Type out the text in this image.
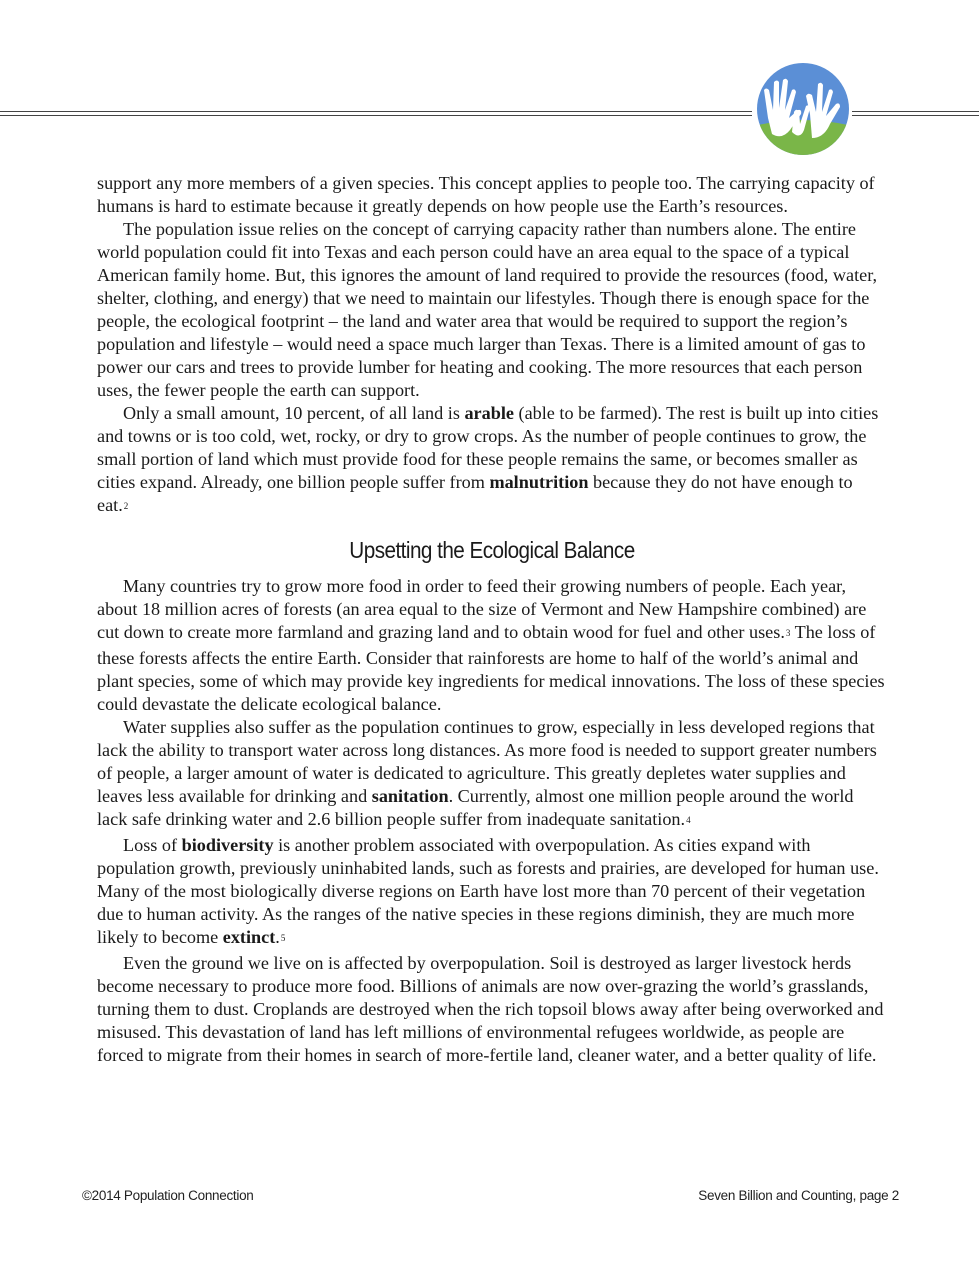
support any more members of a given species. This concept applies to people too. The carrying capacity of humans is hard to estimate because it greatly depends on how people use the Earth’s resources.

The population issue relies on the concept of carrying capacity rather than numbers alone. The entire world population could fit into Texas and each person could have an area equal to the space of a typical American family home. But, this ignores the amount of land required to provide the resources (food, water, shelter, clothing, and energy) that we need to maintain our lifestyles. Though there is enough space for the people, the ecological footprint – the land and water area that would be required to support the region’s population and lifestyle – would need a space much larger than Texas. There is a limited amount of gas to power our cars and trees to provide lumber for heating and cooking. The more resources that each person uses, the fewer people the earth can support.

Only a small amount, 10 percent, of all land is arable (able to be farmed). The rest is built up into cities and towns or is too cold, wet, rocky, or dry to grow crops. As the number of people continues to grow, the small portion of land which must provide food for these people remains the same, or becomes smaller as cities expand. Already, one billion people suffer from malnutrition because they do not have enough to eat.$^2$

Upsetting the Ecological Balance

Many countries try to grow more food in order to feed their growing numbers of people. Each year, about 18 million acres of forests (an area equal to the size of Vermont and New Hampshire combined) are cut down to create more farmland and grazing land and to obtain wood for fuel and other uses.$^3$ The loss of these forests affects the entire Earth. Consider that rainforests are home to half of the world’s animal and plant species, some of which may provide key ingredients for medical innovations. The loss of these species could devastate the delicate ecological balance.

Water supplies also suffer as the population continues to grow, especially in less developed regions that lack the ability to transport water across long distances. As more food is needed to support greater numbers of people, a larger amount of water is dedicated to agriculture. This greatly depletes water supplies and leaves less available for drinking and sanitation. Currently, almost one million people around the world lack safe drinking water and 2.6 billion people suffer from inadequate sanitation.$^4$

Loss of biodiversity is another problem associated with overpopulation. As cities expand with population growth, previously uninhabited lands, such as forests and prairies, are developed for human use. Many of the most biologically diverse regions on Earth have lost more than 70 percent of their vegetation due to human activity. As the ranges of the native species in these regions diminish, they are much more likely to become extinct.$^5$

Even the ground we live on is affected by overpopulation. Soil is destroyed as larger livestock herds become necessary to produce more food. Billions of animals are now over-grazing the world’s grasslands, turning them to dust. Croplands are destroyed when the rich topsoil blows away after being overworked and misused. This devastation of land has left millions of environmental refugees worldwide, as people are forced to migrate from their homes in search of more-fertile land, cleaner water, and a better quality of life.

©2014 Population Connection	Seven Billion and Counting, page 2
